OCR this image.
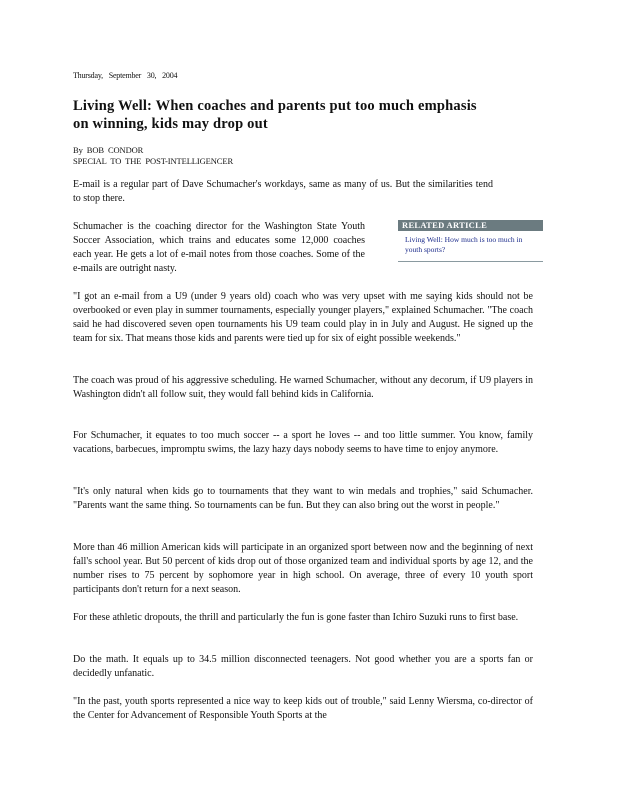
Thursday, September 30, 2004
Living Well: When coaches and parents put too much emphasis on winning, kids may drop out
By BOB CONDOR
SPECIAL TO THE POST-INTELLIGENCER

E-mail is a regular part of Dave Schumacher's workdays, same as many of us. But the similarities tend to stop there.

Schumacher is the coaching director for the Washington State Youth Soccer Association, which trains and educates some 12,000 coaches each year. He gets a lot of e-mail notes from those coaches. Some of the e-mails are outright nasty.

RELATED ARTICLE
Living Well: How much is too much in youth sports?

"I got an e-mail from a U9 (under 9 years old) coach who was very upset with me saying kids should not be overbooked or even play in summer tournaments, especially younger players," explained Schumacher. "The coach said he had discovered seven open tournaments his U9 team could play in in July and August. He signed up the team for six. That means those kids and parents were tied up for six of eight possible weekends."

The coach was proud of his aggressive scheduling. He warned Schumacher, without any decorum, if U9 players in Washington didn't all follow suit, they would fall behind kids in California.

For Schumacher, it equates to too much soccer -- a sport he loves -- and too little summer. You know, family vacations, barbecues, impromptu swims, the lazy hazy days nobody seems to have time to enjoy anymore.

"It's only natural when kids go to tournaments that they want to win medals and trophies," said Schumacher. "Parents want the same thing. So tournaments can be fun. But they can also bring out the worst in people."

More than 46 million American kids will participate in an organized sport between now and the beginning of next fall's school year. But 50 percent of kids drop out of those organized team and individual sports by age 12, and the number rises to 75 percent by sophomore year in high school. On average, three of every 10 youth sport participants don't return for a next season.

For these athletic dropouts, the thrill and particularly the fun is gone faster than Ichiro Suzuki runs to first base.

Do the math. It equals up to 34.5 million disconnected teenagers. Not good whether you are a sports fan or decidedly unfanatic.

"In the past, youth sports represented a nice way to keep kids out of trouble," said Lenny Wiersma, co-director of the Center for Advancement of Responsible Youth Sports at the
